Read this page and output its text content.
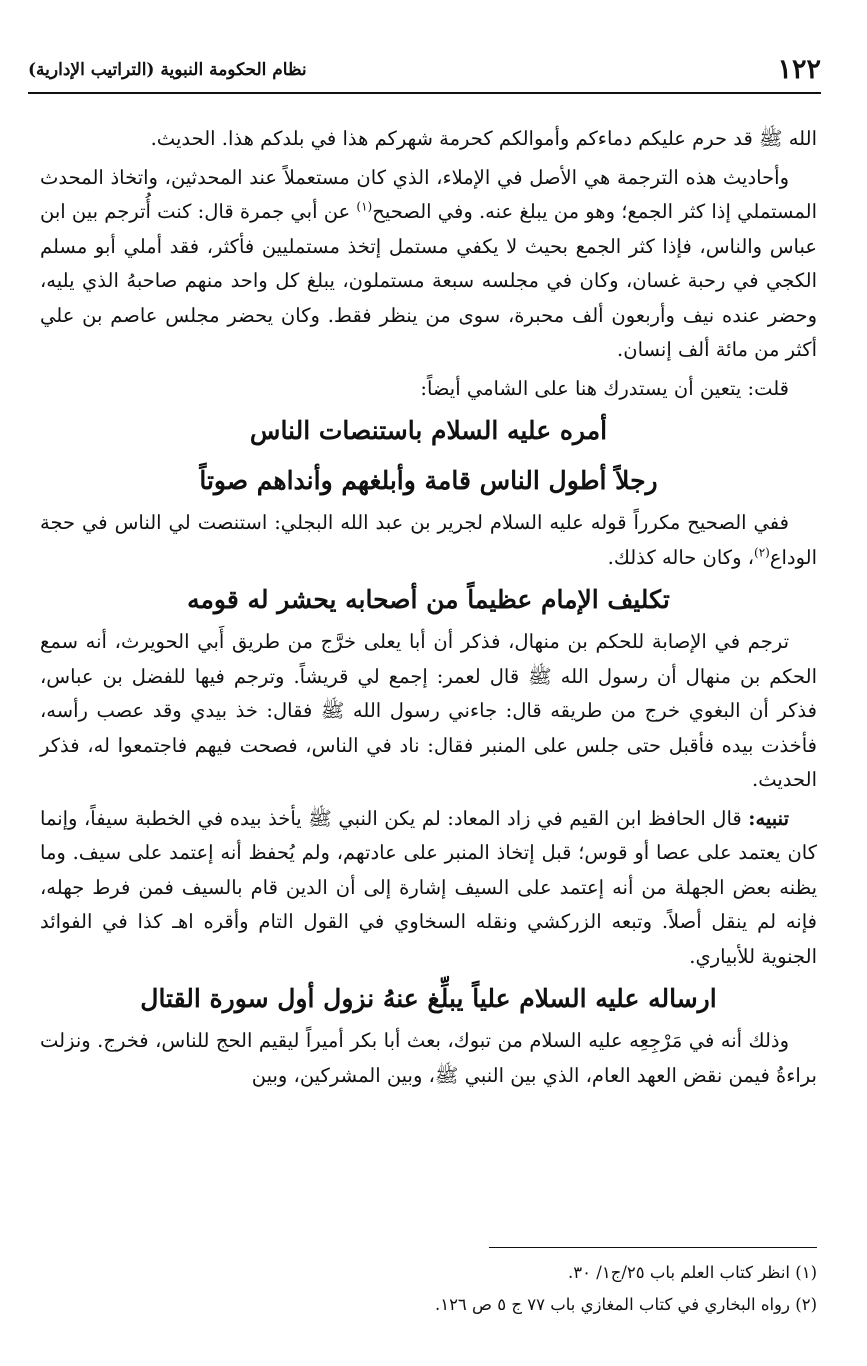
١٢٢
نظام الحكومة النبوية (التراتيب الإدارية)

الله ﷺ قد حرم عليكم دماءكم وأموالكم كحرمة شهركم هذا في بلدكم هذا. الحديث.

وأحاديث هذه الترجمة هي الأصل في الإملاء، الذي كان مستعملاً عند المحدثين، واتخاذ المحدث المستملي إذا كثر الجمع؛ وهو من يبلغ عنه. وفي الصحيح$^{(١)}$ عن أبي جمرة قال: كنت أُترجم بين ابن عباس والناس، فإذا كثر الجمع بحيث لا يكفي مستمل إتخذ مستمليين فأكثر، فقد أملي أبو مسلم الكجي في رحبة غسان، وكان في مجلسه سبعة مستملون، يبلغ كل واحد منهم صاحبهُ الذي يليه، وحضر عنده نيف وأربعون ألف محبرة، سوى من ينظر فقط. وكان يحضر مجلس عاصم بن علي أكثر من مائة ألف إنسان.

قلت: يتعين أن يستدرك هنا على الشامي أيضاً:

أمره عليه السلام باستنصات الناس
رجلاً أطول الناس قامة وأبلغهم وأنداهم صوتاً

ففي الصحيح مكرراً قوله عليه السلام لجرير بن عبد الله البجلي: استنصت لي الناس في حجة الوداع$^{(٢)}$، وكان حاله كذلك.

تكليف الإمام عظيماً من أصحابه يحشر له قومه

ترجم في الإصابة للحكم بن منهال، فذكر أن أبا يعلى خرَّج من طريق أَبي الحويرث، أنه سمع الحكم بن منهال أن رسول الله ﷺ قال لعمر: إجمع لي قريشاً. وترجم فيها للفضل بن عباس، فذكر أن البغوي خرج من طريقه قال: جاءني رسول الله ﷺ فقال: خذ بيدي وقد عصب رأسه، فأخذت بيده فأقبل حتى جلس على المنبر فقال: ناد في الناس، فصحت فيهم فاجتمعوا له، فذكر الحديث.

تنبيه: قال الحافظ ابن القيم في زاد المعاد: لم يكن النبي ﷺ يأخذ بيده في الخطبة سيفاً، وإنما كان يعتمد على عصا أو قوس؛ قبل إتخاذ المنبر على عادتهم، ولم يُحفظ أنه إعتمد على سيف. وما يظنه بعض الجهلة من أنه إعتمد على السيف إشارة إلى أن الدين قام بالسيف فمن فرط جهله، فإنه لم ينقل أصلاً. وتبعه الزركشي ونقله السخاوي في القول التام وأقره اهـ كذا في الفوائد الجنوية للأبياري.

ارساله عليه السلام علياً يبلِّغ عنهُ نزول أول سورة القتال

وذلك أنه في مَرْجِعِه عليه السلام من تبوك، بعث أبا بكر أميراً ليقيم الحج للناس، فخرج. ونزلت براءةُ فيمن نقض العهد العام، الذي بين النبي ﷺ، وبين المشركين، وبين

(١) انظر كتاب العلم باب ٢٥/ج١/ ٣٠.
(٢) رواه البخاري في كتاب المغازي باب ٧٧ ج ٥ ص ١٢٦.
